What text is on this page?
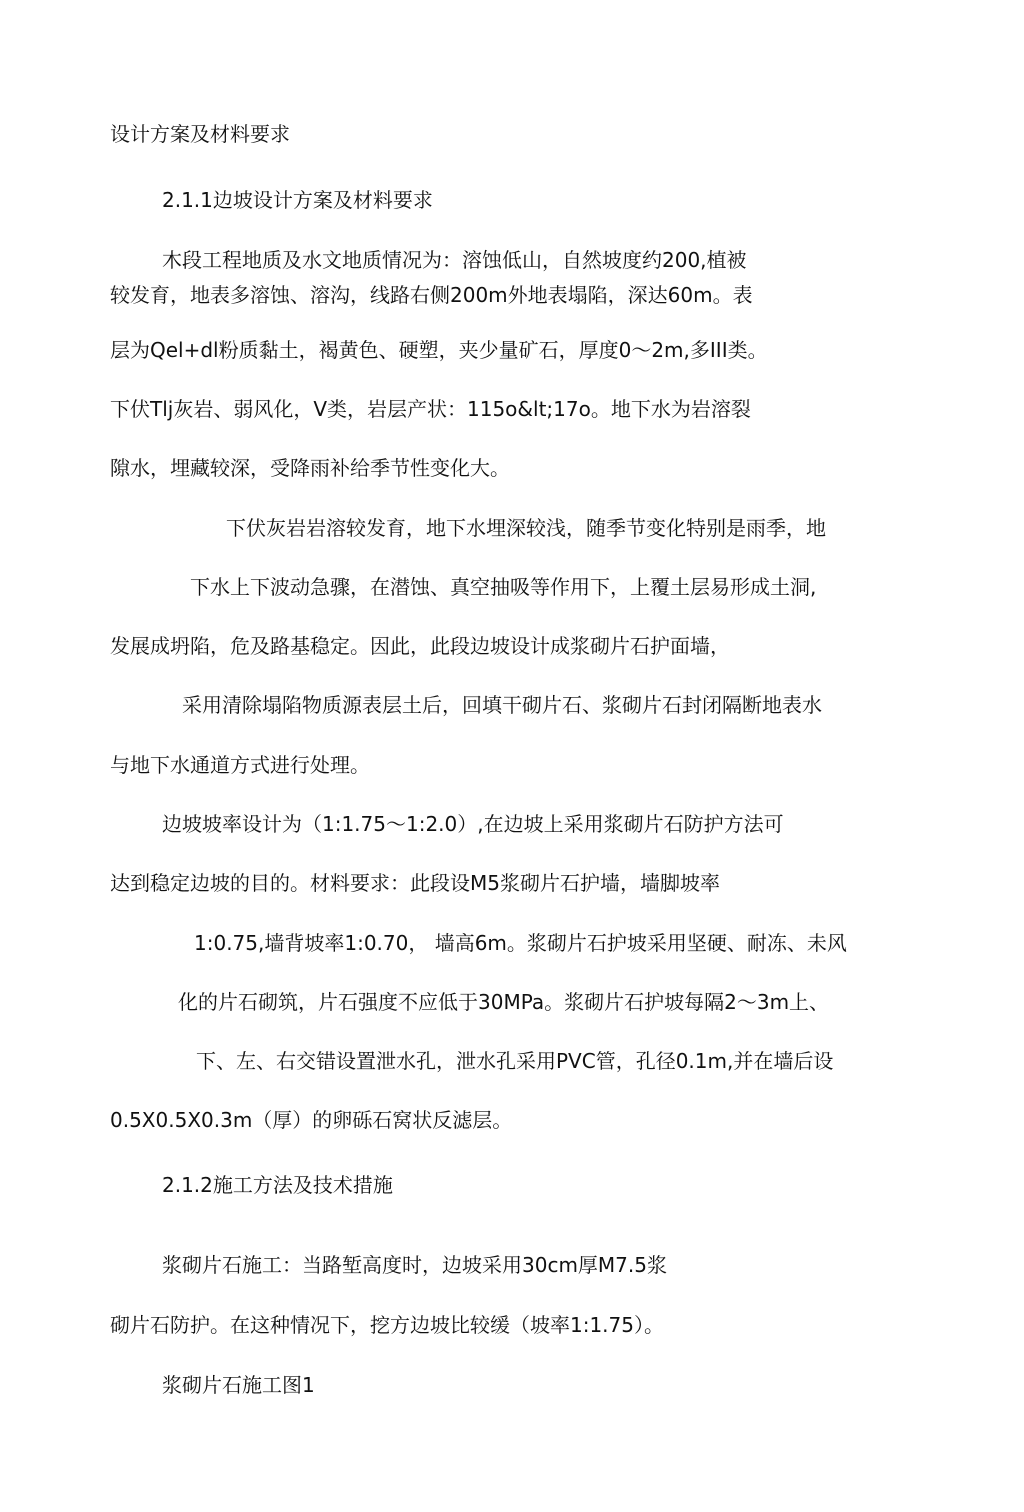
设计方案及材料要求

2.1.1边坡设计方案及材料要求

木段工程地质及水文地质情况为：溶蚀低山，自然坡度约200,植被

较发育，地表多溶蚀、溶沟，线路右侧200m外地表塌陷，深达60m。表

层为Qel+dl粉质黏土，褐黄色、硬塑，夹少量矿石，厚度0～2m,多III类。

下伏Tlj灰岩、弱风化，V类，岩层产状：115o&lt;17o。地下水为岩溶裂

隙水，埋藏较深，受降雨补给季节性变化大。

下伏灰岩岩溶较发育，地下水埋深较浅，随季节变化特别是雨季，地

下水上下波动急骤，在潜蚀、真空抽吸等作用下，上覆土层易形成土洞,

发展成坍陷，危及路基稳定。因此，此段边坡设计成浆砌片石护面墙，

采用清除塌陷物质源表层土后，回填干砌片石、浆砌片石封闭隔断地表水

与地下水通道方式进行处理。

边坡坡率设计为（1:1.75～1:2.0）,在边坡上采用浆砌片石防护方法可

达到稳定边坡的目的。材料要求：此段设M5浆砌片石护墙，墙脚坡率

1:0.75,墙背坡率1:0.70， 墙高6m。浆砌片石护坡采用坚硬、耐冻、未风

化的片石砌筑，片石强度不应低于30MPa。浆砌片石护坡每隔2～3m上、

下、左、右交错设置泄水孔，泄水孔采用PVC管，孔径0.1m,并在墙后设

0.5X0.5X0.3m（厚）的卵砾石窝状反滤层。

2.1.2施工方法及技术措施

浆砌片石施工：当路堑高度时，边坡采用30cm厚M7.5浆

砌片石防护。在这种情况下，挖方边坡比较缓（坡率1:1.75）。

浆砌片石施工图1
